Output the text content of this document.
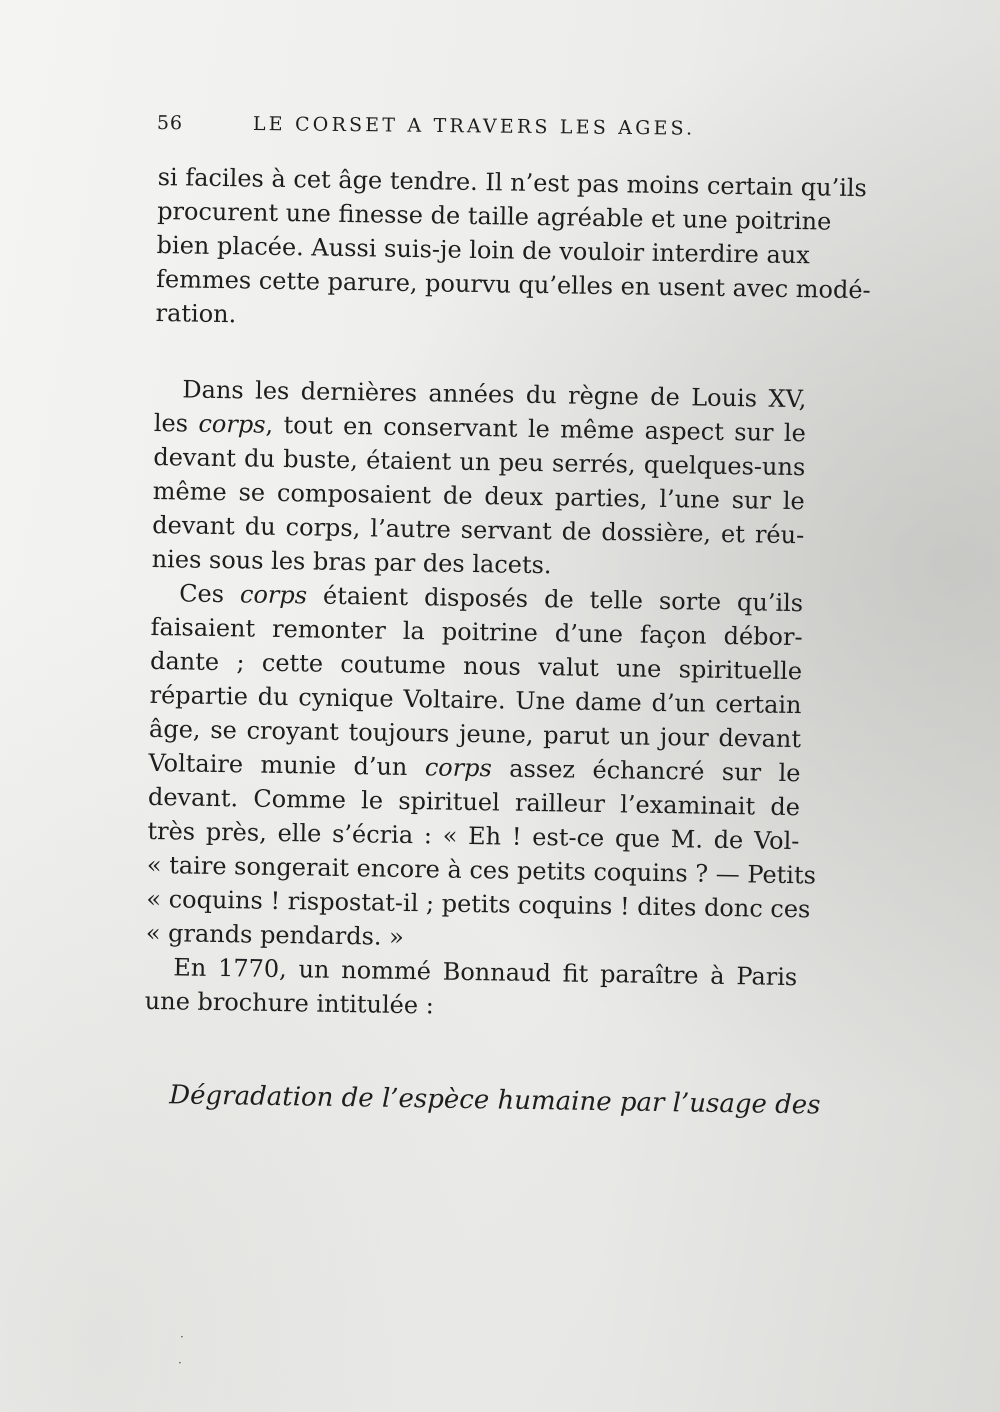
56	LE CORSET A TRAVERS LES AGES.
si faciles à cet âge tendre. Il n’est pas moins certain qu’ils
procurent une finesse de taille agréable et une poitrine
bien placée. Aussi suis-je loin de vouloir interdire aux
femmes cette parure, pourvu qu’elles en usent avec modé-
ration.
Dans les dernières années du règne de Louis XV,
les corps, tout en conservant le même aspect sur le
devant du buste, étaient un peu serrés, quelques-uns
même se composaient de deux parties, l’une sur le
devant du corps, l’autre servant de dossière, et réu-
nies sous les bras par des lacets.
Ces corps étaient disposés de telle sorte qu’ils
faisaient remonter la poitrine d’une façon débor-
dante ; cette coutume nous valut une spirituelle
répartie du cynique Voltaire. Une dame d’un certain
âge, se croyant toujours jeune, parut un jour devant
Voltaire munie d’un corps assez échancré sur le
devant. Comme le spirituel railleur l’examinait de
très près, elle s’écria : « Eh ! est-ce que M. de Vol-
« taire songerait encore à ces petits coquins ? — Petits
« coquins ! rispostat-il ; petits coquins ! dites donc ces
« grands pendards. »
En 1770, un nommé Bonnaud fit paraître à Paris
une brochure intitulée :
Dégradation de l’espèce humaine par l’usage des
·
·
